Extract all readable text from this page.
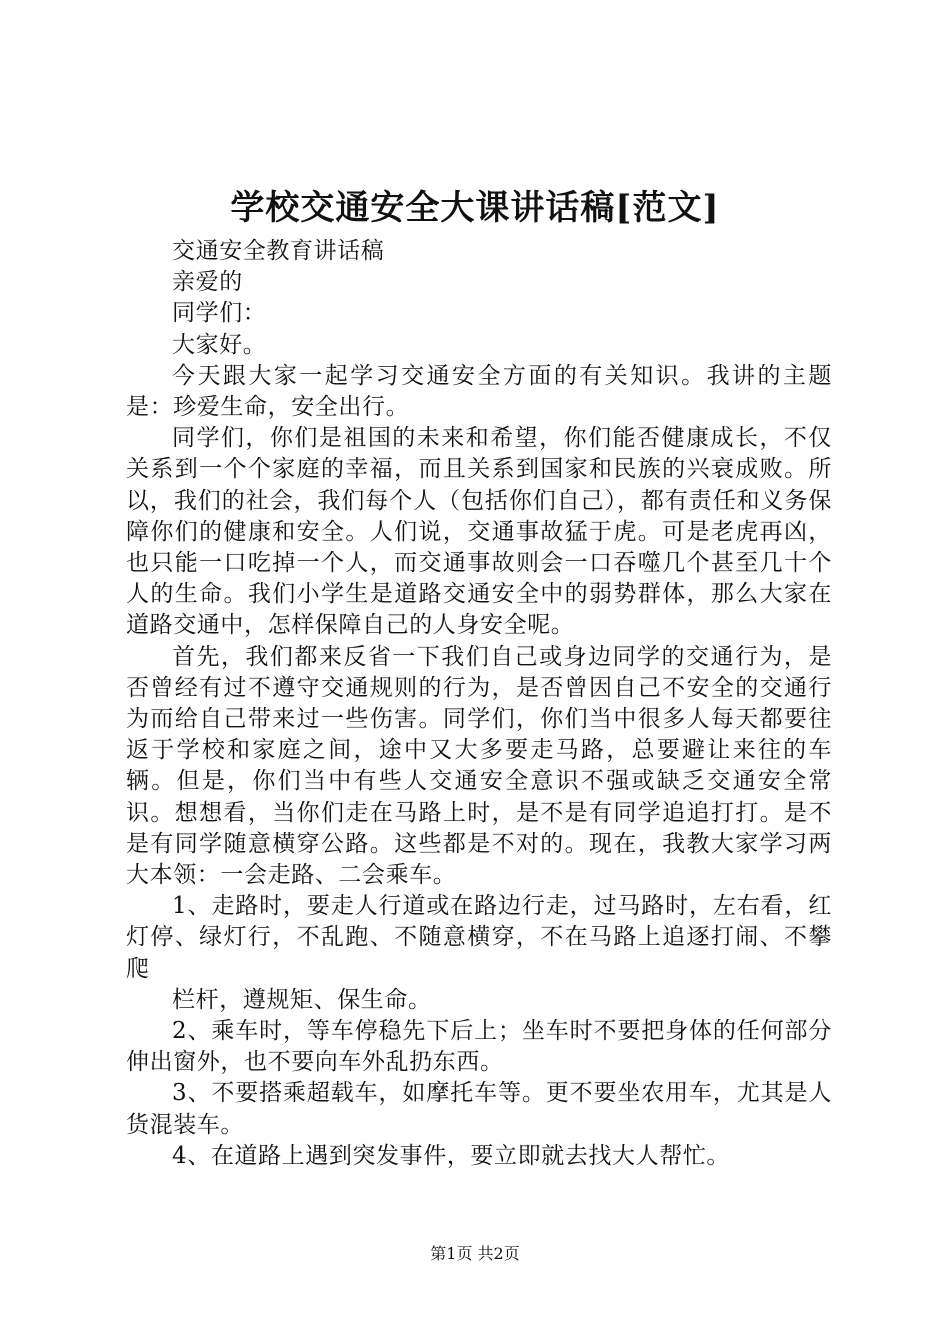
学校交通安全大课讲话稿[范文]

交通安全教育讲话稿

亲爱的

同学们：

大家好。

今天跟大家一起学习交通安全方面的有关知识。我讲的主题是：珍爱生命，安全出行。

同学们，你们是祖国的未来和希望，你们能否健康成长，不仅关系到一个个家庭的幸福，而且关系到国家和民族的兴衰成败。所以，我们的社会，我们每个人（包括你们自己），都有责任和义务保障你们的健康和安全。人们说，交通事故猛于虎。可是老虎再凶，也只能一口吃掉一个人，而交通事故则会一口吞噬几个甚至几十个人的生命。我们小学生是道路交通安全中的弱势群体，那么大家在道路交通中，怎样保障自己的人身安全呢。

首先，我们都来反省一下我们自己或身边同学的交通行为，是否曾经有过不遵守交通规则的行为，是否曾因自己不安全的交通行为而给自己带来过一些伤害。同学们，你们当中很多人每天都要往返于学校和家庭之间，途中又大多要走马路，总要避让来往的车辆。但是，你们当中有些人交通安全意识不强或缺乏交通安全常识。想想看，当你们走在马路上时，是不是有同学追追打打。是不是有同学随意横穿公路。这些都是不对的。现在，我教大家学习两大本领：一会走路、二会乘车。

1、走路时，要走人行道或在路边行走，过马路时，左右看，红灯停、绿灯行，不乱跑、不随意横穿，不在马路上追逐打闹、不攀爬

栏杆，遵规矩、保生命。

2、乘车时，等车停稳先下后上；坐车时不要把身体的任何部分伸出窗外，也不要向车外乱扔东西。

3、不要搭乘超载车，如摩托车等。更不要坐农用车，尤其是人货混装车。

4、在道路上遇到突发事件，要立即就去找大人帮忙。

第1页 共2页
